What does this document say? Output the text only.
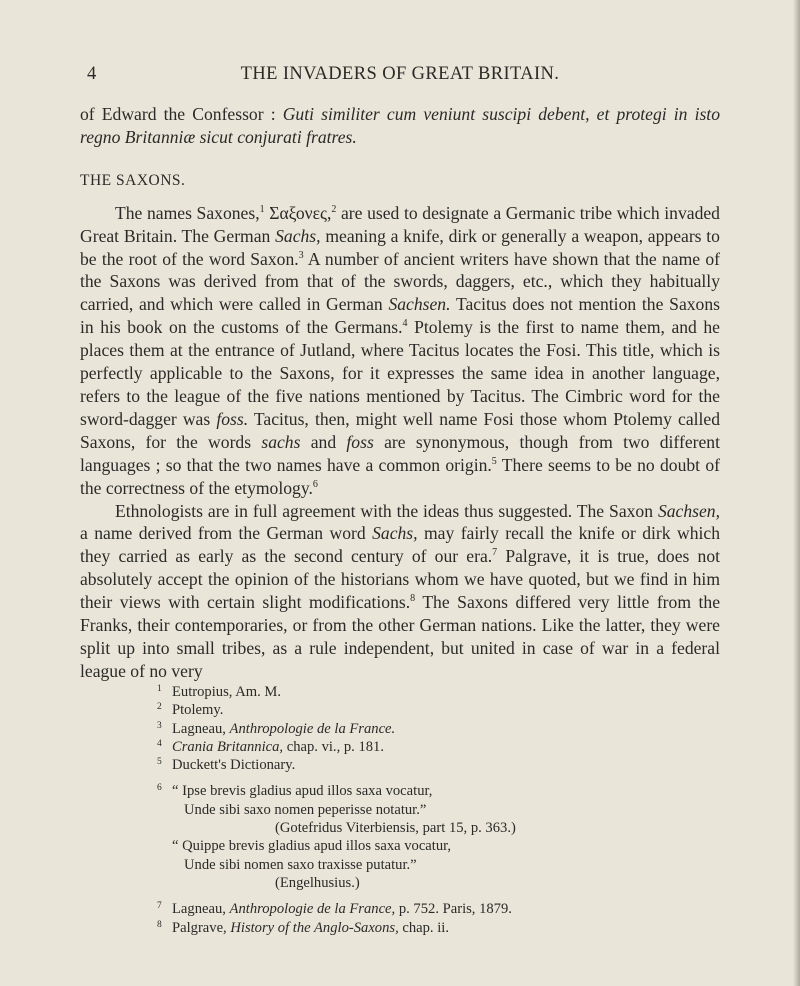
4	THE INVADERS OF GREAT BRITAIN.

of Edward the Confessor : Guti similiter cum veniunt suscipi debent, et protegi in isto regno Britanniæ sicut conjurati fratres.

THE SAXONS.

The names Saxones,$^1$ Σαξονες,$^2$ are used to designate a Germanic tribe which invaded Great Britain. The German Sachs, meaning a knife, dirk or generally a weapon, appears to be the root of the word Saxon.$^3$ A number of ancient writers have shown that the name of the Saxons was derived from that of the swords, daggers, etc., which they habitually carried, and which were called in German Sachsen. Tacitus does not mention the Saxons in his book on the customs of the Germans.$^4$ Ptolemy is the first to name them, and he places them at the entrance of Jutland, where Tacitus locates the Fosi. This title, which is perfectly applicable to the Saxons, for it expresses the same idea in another language, refers to the league of the five nations mentioned by Tacitus. The Cimbric word for the sword-dagger was foss. Tacitus, then, might well name Fosi those whom Ptolemy called Saxons, for the words sachs and foss are synonymous, though from two different languages ; so that the two names have a common origin.$^5$ There seems to be no doubt of the correctness of the etymology.$^6$

Ethnologists are in full agreement with the ideas thus suggested. The Saxon Sachsen, a name derived from the German word Sachs, may fairly recall the knife or dirk which they carried as early as the second century of our era.$^7$ Palgrave, it is true, does not absolutely accept the opinion of the historians whom we have quoted, but we find in him their views with certain slight modifications.$^8$ The Saxons differed very little from the Franks, their contemporaries, or from the other German nations. Like the latter, they were split up into small tribes, as a rule independent, but united in case of war in a federal league of no very

1 Eutropius, Am. M.
2 Ptolemy.
3 Lagneau, Anthropologie de la France.
4 Crania Britannica, chap. vi., p. 181.
5 Duckett's Dictionary.
6 “ Ipse brevis gladius apud illos saxa vocatur,
Unde sibi saxo nomen peperisse notatur.”
(Gotefridus Viterbiensis, part 15, p. 363.)
“ Quippe brevis gladius apud illos saxa vocatur,
Unde sibi nomen saxo traxisse putatur.”
(Engelhusius.)
7 Lagneau, Anthropologie de la France, p. 752. Paris, 1879.
8 Palgrave, History of the Anglo-Saxons, chap. ii.
